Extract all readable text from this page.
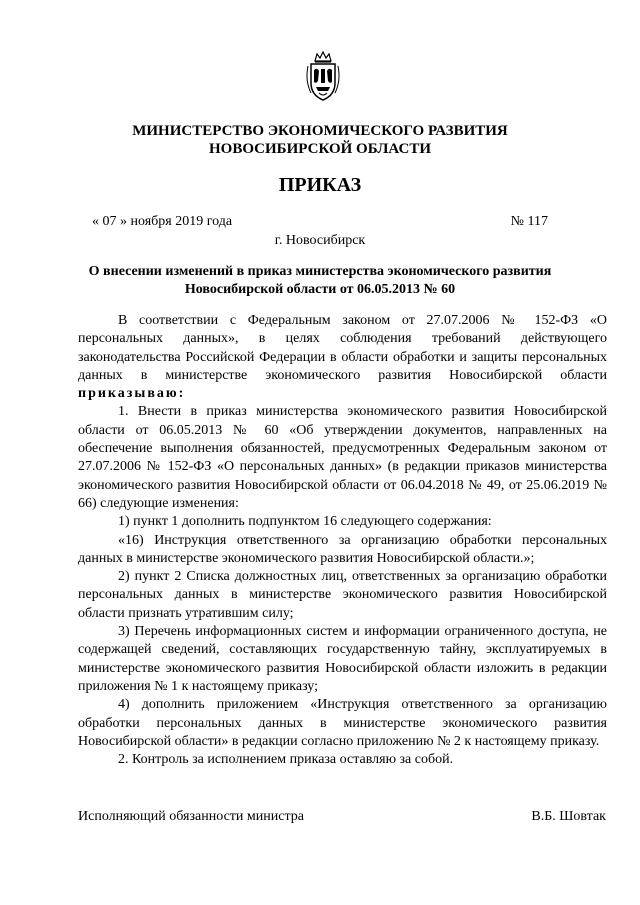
МИНИСТЕРСТВО ЭКОНОМИЧЕСКОГО РАЗВИТИЯ
НОВОСИБИРСКОЙ ОБЛАСТИ
ПРИКАЗ
« 07 » ноября 2019 года	№ 117
г. Новосибирск
О внесении изменений в приказ министерства экономического развития
Новосибирской области от 06.05.2013 № 60

В соответствии с Федеральным законом от 27.07.2006 № 152-ФЗ «О персональных данных», в целях соблюдения требований действующего законодательства Российской Федерации в области обработки и защиты персональных данных в министерстве экономического развития Новосибирской области приказываю:

1. Внести в приказ министерства экономического развития Новосибирской области от 06.05.2013 № 60 «Об утверждении документов, направленных на обеспечение выполнения обязанностей, предусмотренных Федеральным законом от 27.07.2006 № 152-ФЗ «О персональных данных» (в редакции приказов министерства экономического развития Новосибирской области от 06.04.2018 № 49, от 25.06.2019 № 66) следующие изменения:

1) пункт 1 дополнить подпунктом 16 следующего содержания:

«16) Инструкция ответственного за организацию обработки персональных данных в министерстве экономического развития Новосибирской области.»;

2) пункт 2 Списка должностных лиц, ответственных за организацию обработки персональных данных в министерстве экономического развития Новосибирской области признать утратившим силу;

3) Перечень информационных систем и информации ограниченного доступа, не содержащей сведений, составляющих государственную тайну, эксплуатируемых в министерстве экономического развития Новосибирской области изложить в редакции приложения № 1 к настоящему приказу;

4) дополнить приложением «Инструкция ответственного за организацию обработки персональных данных в министерстве экономического развития Новосибирской области» в редакции согласно приложению № 2 к настоящему приказу.

2. Контроль за исполнением приказа оставляю за собой.

Исполняющий обязанности министра	В.Б. Шовтак
